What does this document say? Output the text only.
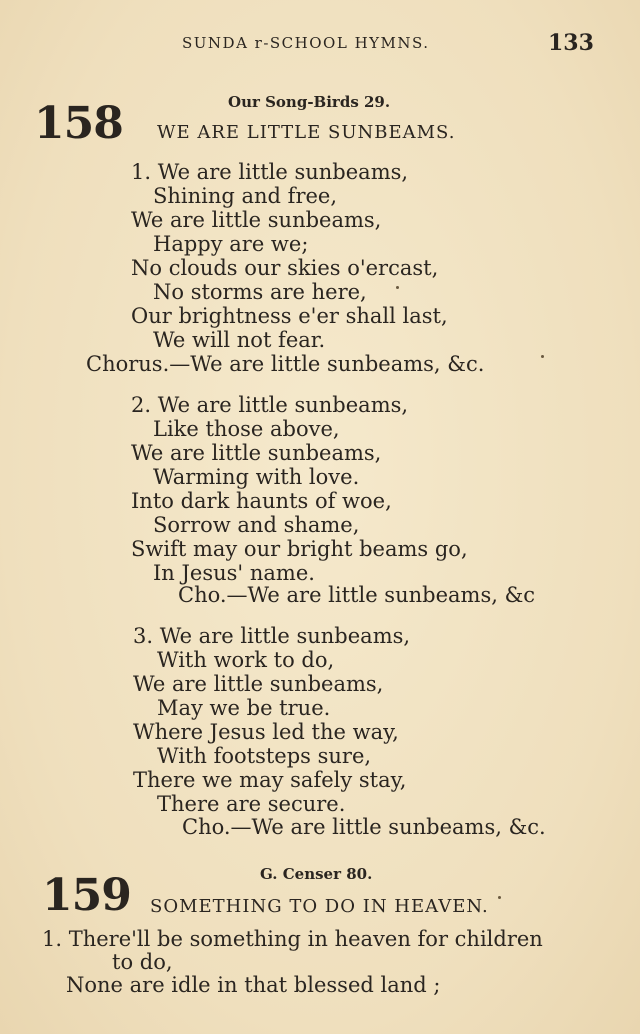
SUNDA r-SCHOOL HYMNS.	133
158	Our Song-Birds 29.
WE ARE LITTLE SUNBEAMS.
1. We are little sunbeams,
Shining and free,
We are little sunbeams,
Happy are we;
No clouds our skies o'ercast,
No storms are here,
Our brightness e'er shall last,
We will not fear.
Chorus.—We are little sunbeams, &c.
2. We are little sunbeams,
Like those above,
We are little sunbeams,
Warming with love.
Into dark haunts of woe,
Sorrow and shame,
Swift may our bright beams go,
In Jesus' name.
Cho.—We are little sunbeams, &c
3. We are little sunbeams,
With work to do,
We are little sunbeams,
May we be true.
Where Jesus led the way,
With footsteps sure,
There we may safely stay,
There are secure.
Cho.—We are little sunbeams, &c.
G. Censer 80.
159 SOMETHING TO DO IN HEAVEN.
1. There'll be something in heaven for children
to do,
None are idle in that blessed land ;
